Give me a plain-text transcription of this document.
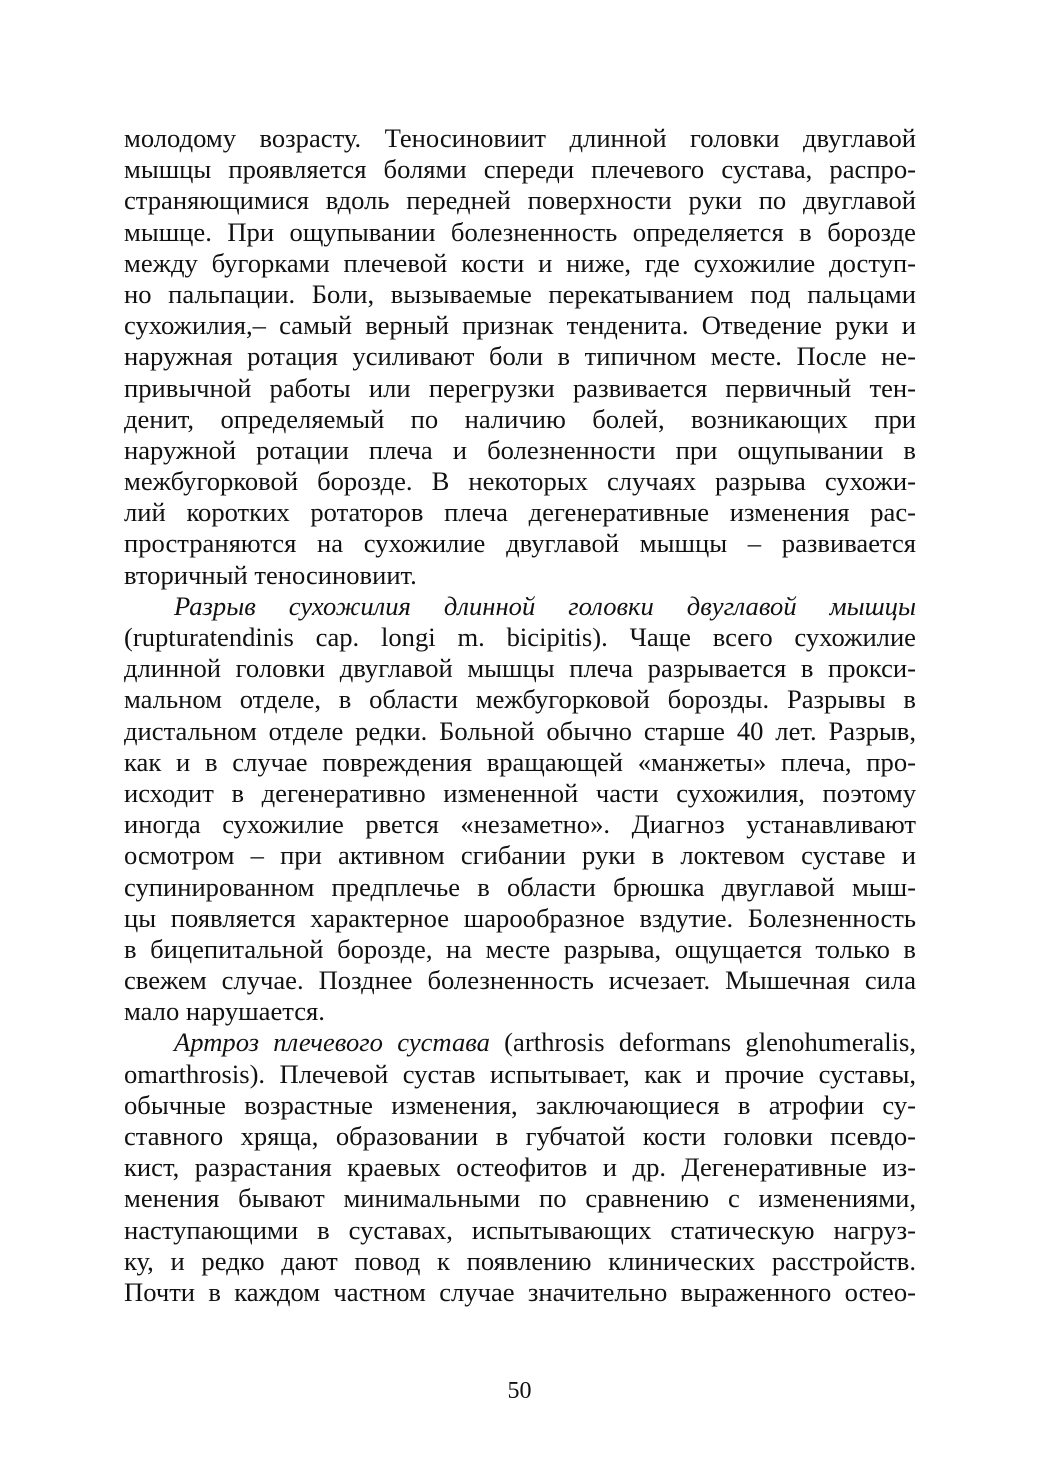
молодому возрасту. Теносиновиит длинной головки двуглавой
мышцы проявляется болями спереди плечевого сустава, распро-
страняющимися вдоль передней поверхности руки по двуглавой
мышце. При ощупывании болезненность определяется в борозде
между бугорками плечевой кости и ниже, где сухожилие доступ-
но пальпации. Боли, вызываемые перекатыванием под пальцами
сухожилия,– самый верный признак тенденита. Отведение руки и
наружная ротация усиливают боли в типичном месте. После не-
привычной работы или перегрузки развивается первичный тен-
денит, определяемый по наличию болей, возникающих при
наружной ротации плеча и болезненности при ощупывании в
межбугорковой борозде. В некоторых случаях разрыва сухожи-
лий коротких ротаторов плеча дегенеративные изменения рас-
пространяются на сухожилие двуглавой мышцы – развивается
вторичный теносиновиит.
Разрыв сухожилия длинной головки двуглавой мышцы
(rupturatendinis cap. longi m. bicipitis). Чаще всего сухожилие
длинной головки двуглавой мышцы плеча разрывается в прокси-
мальном отделе, в области межбугорковой борозды. Разрывы в
дистальном отделе редки. Больной обычно старше 40 лет. Разрыв,
как и в случае повреждения вращающей «манжеты» плеча, про-
исходит в дегенеративно измененной части сухожилия, поэтому
иногда сухожилие рвется «незаметно». Диагноз устанавливают
осмотром – при активном сгибании руки в локтевом суставе и
супинированном предплечье в области брюшка двуглавой мыш-
цы появляется характерное шарообразное вздутие. Болезненность
в бицепитальной борозде, на месте разрыва, ощущается только в
свежем случае. Позднее болезненность исчезает. Мышечная сила
мало нарушается.
Артроз плечевого сустава (arthrosis deformans glenohumeralis,
omarthrosis). Плечевой сустав испытывает, как и прочие суставы,
обычные возрастные изменения, заключающиеся в атрофии су-
ставного хряща, образовании в губчатой кости головки псевдо-
кист, разрастания краевых остеофитов и др. Дегенеративные из-
менения бывают минимальными по сравнению с изменениями,
наступающими в суставах, испытывающих статическую нагруз-
ку, и редко дают повод к появлению клинических расстройств.
Почти в каждом частном случае значительно выраженного остео-
50
